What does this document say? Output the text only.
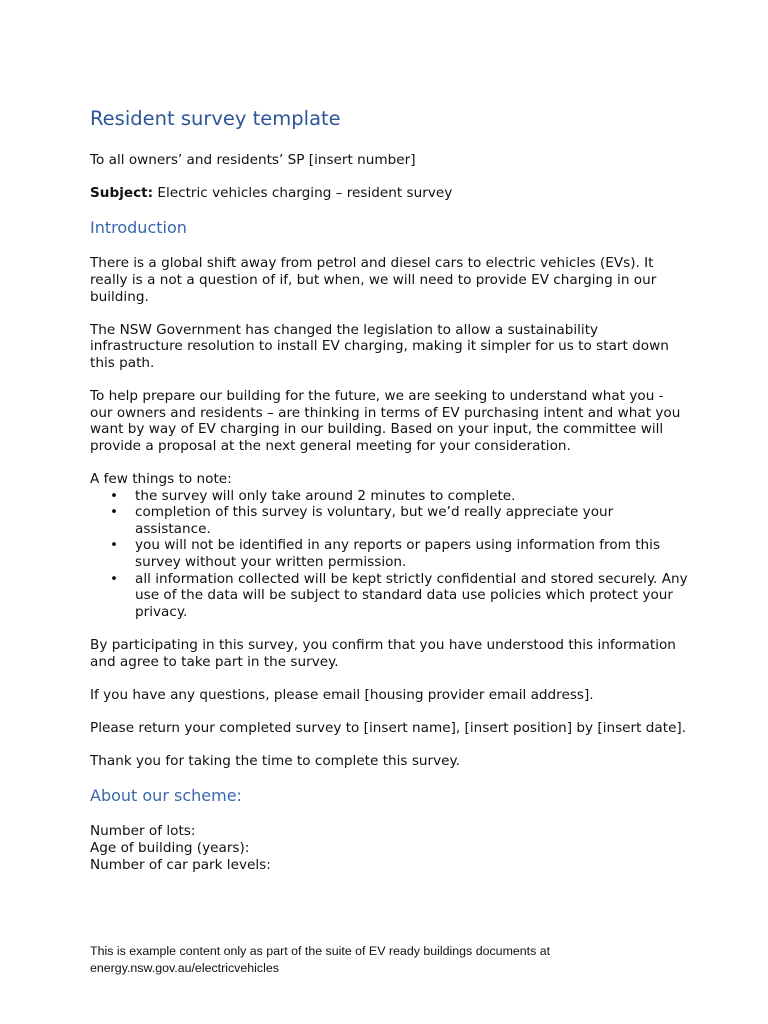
Resident survey template

To all owners’ and residents’ SP [insert number]

Subject: Electric vehicles charging – resident survey

Introduction

There is a global shift away from petrol and diesel cars to electric vehicles (EVs). It really is a not a question of if, but when, we will need to provide EV charging in our building.

The NSW Government has changed the legislation to allow a sustainability infrastructure resolution to install EV charging, making it simpler for us to start down this path.

To help prepare our building for the future, we are seeking to understand what you - our owners and residents – are thinking in terms of EV purchasing intent and what you want by way of EV charging in our building. Based on your input, the committee will provide a proposal at the next general meeting for your consideration.

A few things to note:
• the survey will only take around 2 minutes to complete.
• completion of this survey is voluntary, but we’d really appreciate your assistance.
• you will not be identified in any reports or papers using information from this survey without your written permission.
• all information collected will be kept strictly confidential and stored securely. Any use of the data will be subject to standard data use policies which protect your privacy.

By participating in this survey, you confirm that you have understood this information and agree to take part in the survey.

If you have any questions, please email [housing provider email address].

Please return your completed survey to [insert name], [insert position] by [insert date].

Thank you for taking the time to complete this survey.

About our scheme:

Number of lots:

Age of building (years):

Number of car park levels:

This is example content only as part of the suite of EV ready buildings documents at

energy.nsw.gov.au/electricvehicles
